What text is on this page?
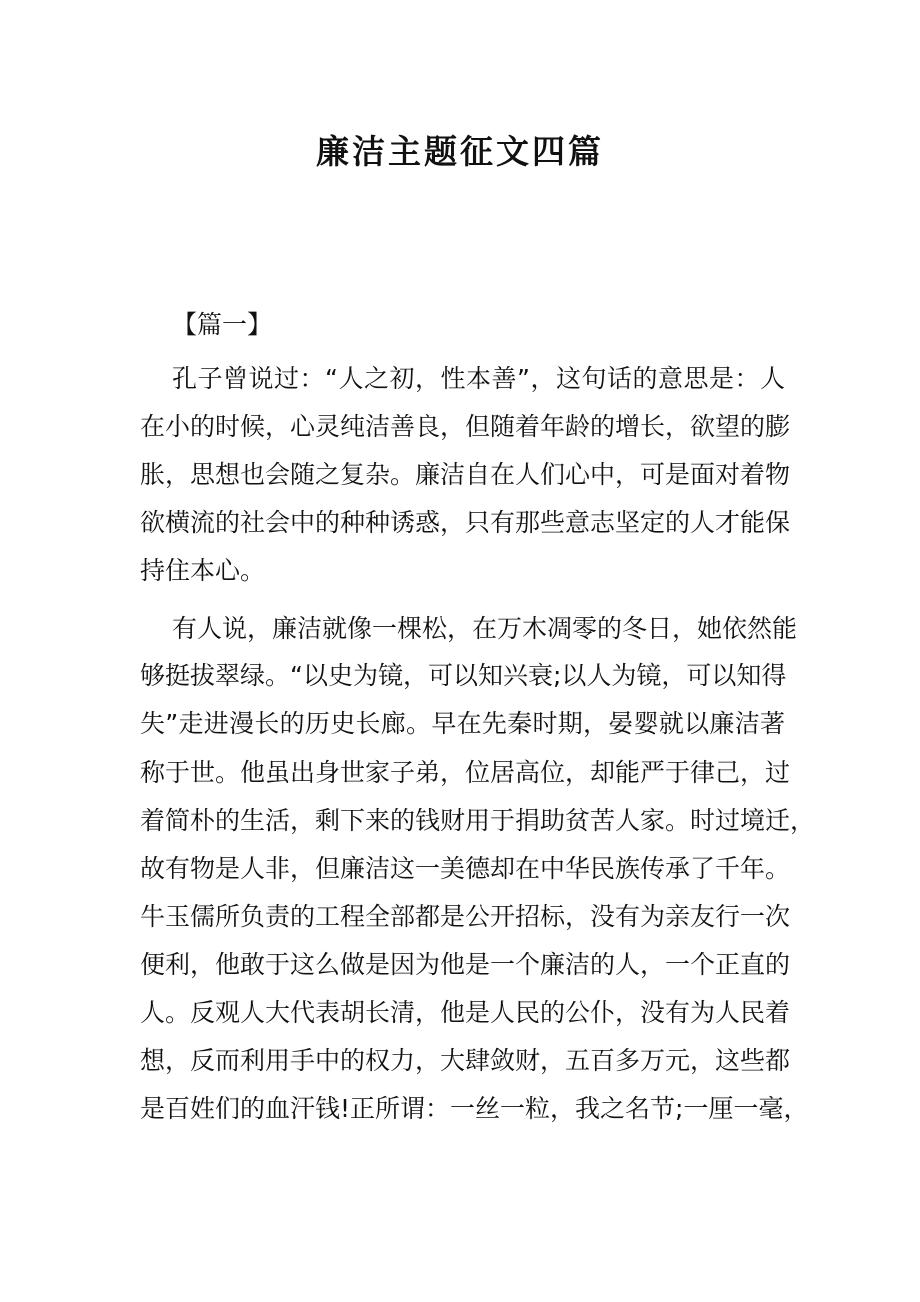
廉洁主题征文四篇

【篇一】

孔子曾说过：“人之初，性本善”，这句话的意思是：人
在小的时候，心灵纯洁善良，但随着年龄的增长，欲望的膨
胀，思想也会随之复杂。廉洁自在人们心中，可是面对着物
欲横流的社会中的种种诱惑，只有那些意志坚定的人才能保
持住本心。
有人说，廉洁就像一棵松，在万木凋零的冬日，她依然能
够挺拔翠绿。“以史为镜，可以知兴衰;以人为镜，可以知得
失”走进漫长的历史长廊。早在先秦时期，晏婴就以廉洁著
称于世。他虽出身世家子弟，位居高位，却能严于律己，过
着简朴的生活，剩下来的钱财用于捐助贫苦人家。时过境迁，
故有物是人非，但廉洁这一美德却在中华民族传承了千年。
牛玉儒所负责的工程全部都是公开招标，没有为亲友行一次
便利，他敢于这么做是因为他是一个廉洁的人，一个正直的
人。反观人大代表胡长清，他是人民的公仆，没有为人民着
想，反而利用手中的权力，大肆敛财，五百多万元，这些都
是百姓们的血汗钱!正所谓：一丝一粒，我之名节;一厘一毫，
